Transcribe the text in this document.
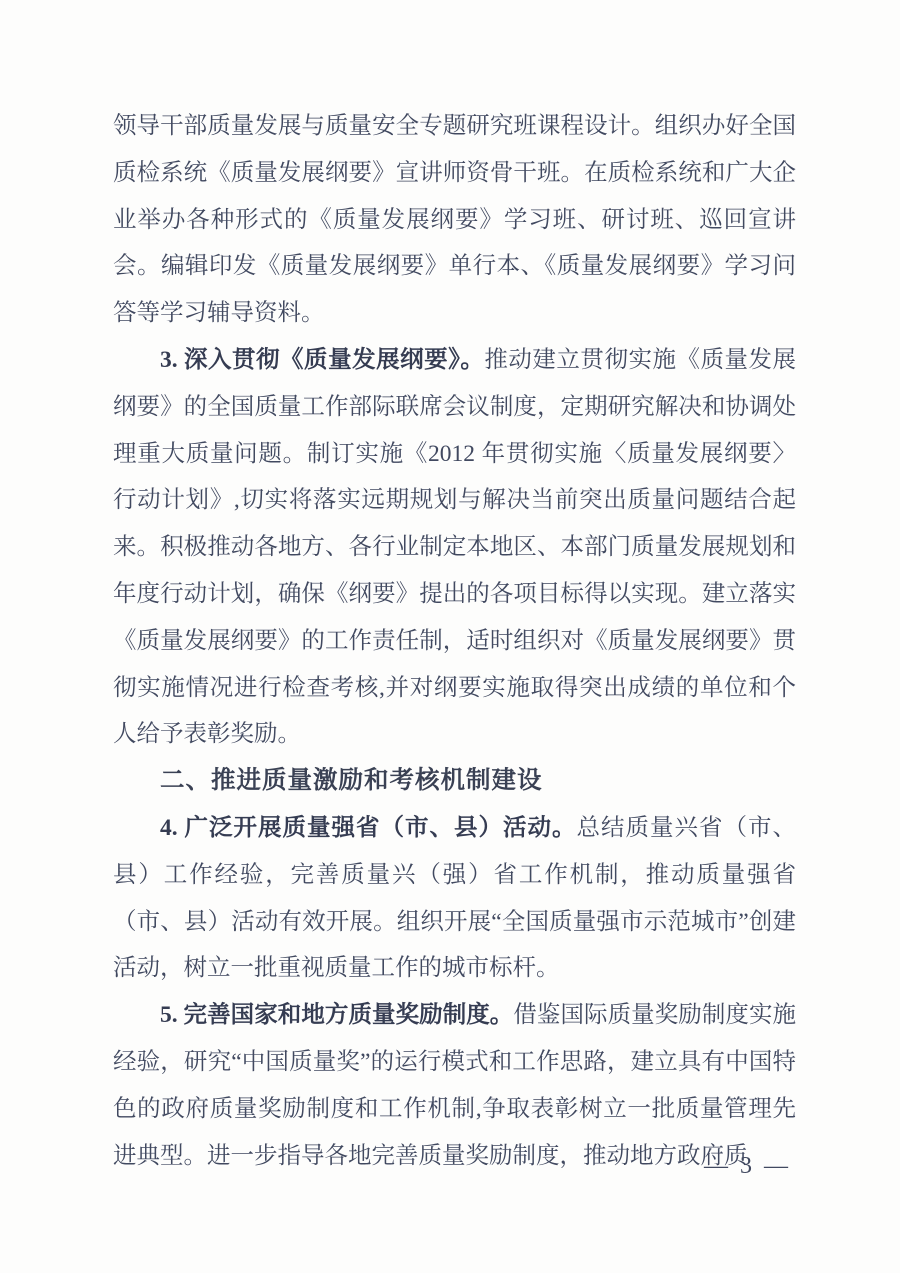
领导干部质量发展与质量安全专题研究班课程设计。组织办好全国质检系统《质量发展纲要》宣讲师资骨干班。在质检系统和广大企业举办各种形式的《质量发展纲要》学习班、研讨班、巡回宣讲会。编辑印发《质量发展纲要》单行本、《质量发展纲要》学习问答等学习辅导资料。

3. 深入贯彻《质量发展纲要》。推动建立贯彻实施《质量发展纲要》的全国质量工作部际联席会议制度，定期研究解决和协调处理重大质量问题。制订实施《2012 年贯彻实施〈质量发展纲要〉行动计划》,切实将落实远期规划与解决当前突出质量问题结合起来。积极推动各地方、各行业制定本地区、本部门质量发展规划和年度行动计划，确保《纲要》提出的各项目标得以实现。建立落实《质量发展纲要》的工作责任制，适时组织对《质量发展纲要》贯彻实施情况进行检查考核,并对纲要实施取得突出成绩的单位和个人给予表彰奖励。

二、推进质量激励和考核机制建设

4. 广泛开展质量强省（市、县）活动。总结质量兴省（市、县）工作经验，完善质量兴（强）省工作机制，推动质量强省（市、县）活动有效开展。组织开展“全国质量强市示范城市”创建活动，树立一批重视质量工作的城市标杆。

5. 完善国家和地方质量奖励制度。借鉴国际质量奖励制度实施经验，研究“中国质量奖”的运行模式和工作思路，建立具有中国特色的政府质量奖励制度和工作机制,争取表彰树立一批质量管理先进典型。进一步指导各地完善质量奖励制度，推动地方政府质

— 3 —
